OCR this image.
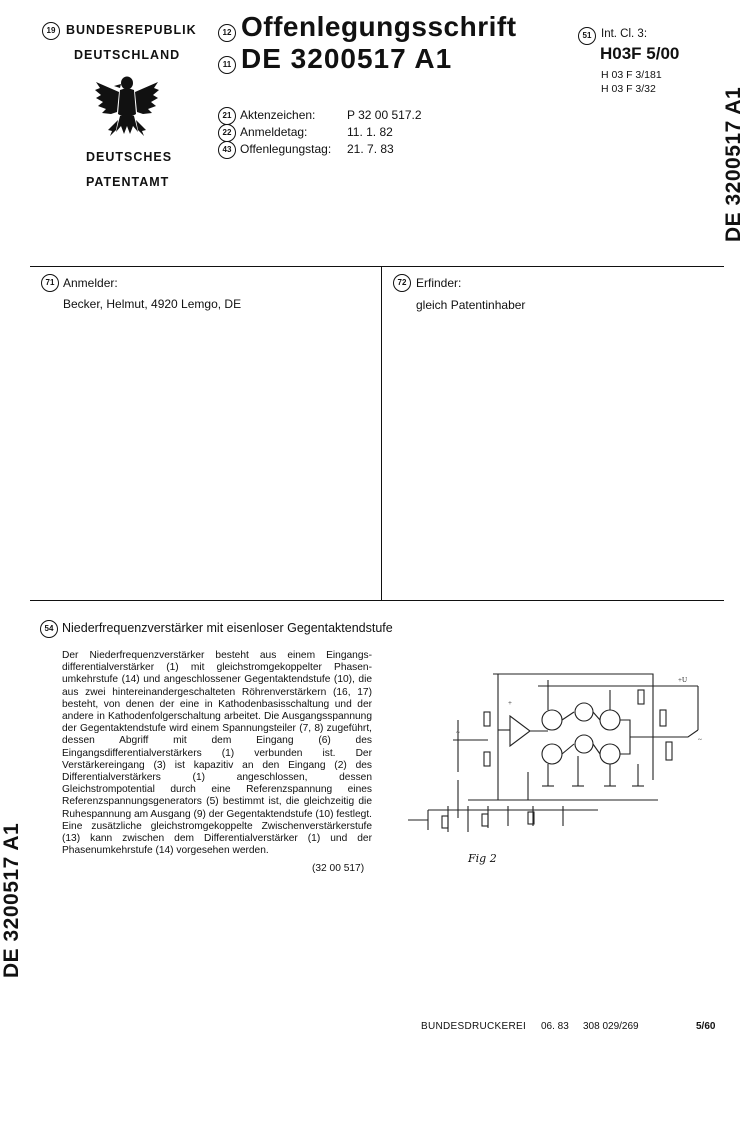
19 BUNDESREPUBLIK
DEUTSCHLAND
DEUTSCHES
PATENTAMT
12 Offenlegungsschrift
11 DE 3200517 A1
51 Int. Cl. 3:
H03F 5/00
H 03 F 3/181
H 03 F 3/32
21 Aktenzeichen:	P 32 00 517.2
22 Anmeldetag:	11. 1. 82
43 Offenlegungstag: 21. 7. 83	DE 3200517 A1
71 Anmelder:
Becker, Helmut, 4920 Lemgo, DE
72 Erfinder:
gleich Patentinhaber
54 Niederfrequenzverstärker mit eisenloser Gegentaktendstufe
Der Niederfrequenzverstärker besteht aus einem Eingangsdifferentialverstärker (1) mit gleichstromgekoppelter Phasenumkehrstufe (14) und angeschlossener Gegentaktendstufe (10), die aus zwei hintereinandergeschalteten Röhrenverstärkern (16, 17) besteht, von denen der eine in Kathodenbasisschaltung und der andere in Kathodenfolgerschaltung arbeitet. Die Ausgangsspannung der Gegentaktendstufe wird einem Spannungsteiler (7, 8) zugeführt, dessen Abgriff mit dem Eingang (6) des Eingangsdifferentialverstärkers (1) verbunden ist. Der Verstärkereingang (3) ist kapazitiv an den Eingang (2) des Differentialverstärkers (1) angeschlossen, dessen Gleichstrompotential durch eine Referenzspannung eines Referenzspannungsgenerators (5) bestimmt ist, die gleichzeitig die Ruhespannung am Ausgang (9) der Gegentaktendstufe (10) festlegt. Eine zusätzliche gleichstromgekoppelte Zwischenverstärkerstufe (13) kann zwischen dem Differentialverstärker (1) und der Phasenumkehrstufe (14) vorgesehen werden.
(32 00 517)
+
+U
~
~
Fig 2
DE 3200517 A1
BUNDESDRUCKEREI 06. 83 308 029/269	5/60
